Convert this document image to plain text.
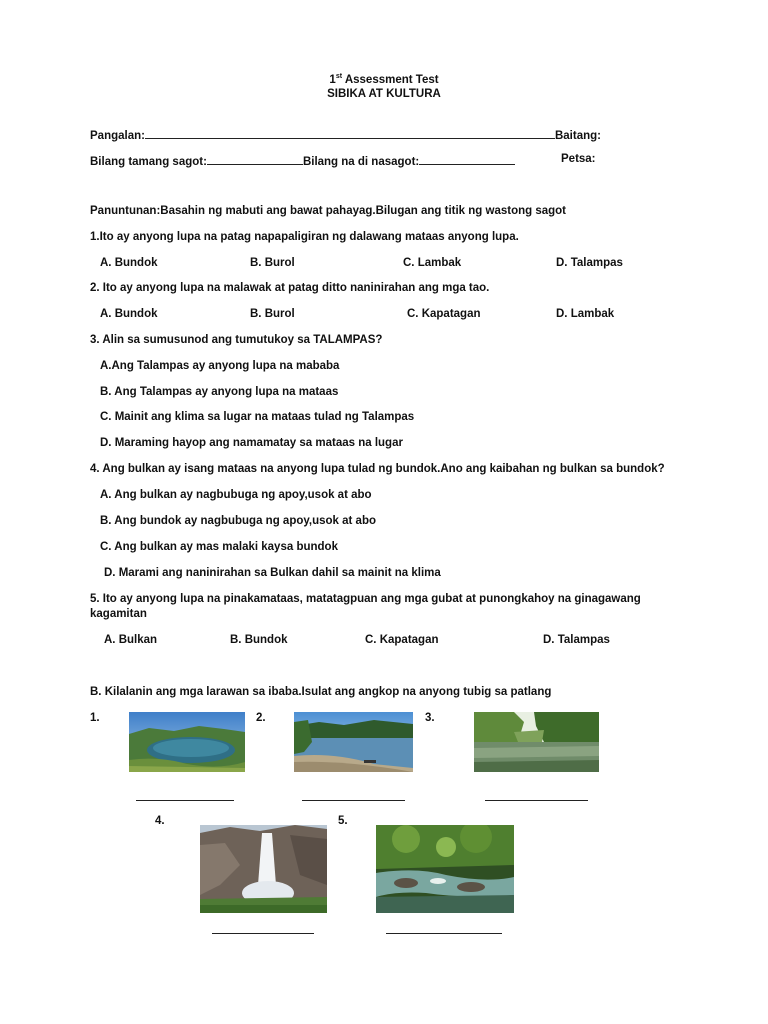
1st Assessment Test
SIBIKA AT KULTURA
Pangalan:	Baitang:
Bilang tamang sagot:	Bilang na di nasagot:	Petsa:
Panuntunan:Basahin ng mabuti ang bawat pahayag.Bilugan ang titik ng wastong sagot
1.Ito ay anyong lupa na patag napapaligiran ng dalawang mataas anyong lupa.
A. Bundok	B. Burol	C. Lambak	D. Talampas
2. Ito ay anyong lupa na malawak at patag ditto naninirahan ang mga tao.
A. Bundok	B. Burol	C. Kapatagan	D. Lambak
3. Alin sa sumusunod ang tumutukoy sa TALAMPAS?
A.Ang Talampas ay anyong lupa na mababa
B. Ang Talampas ay anyong lupa na mataas
C. Mainit ang klima sa lugar na mataas tulad ng Talampas
D. Maraming hayop ang namamatay sa mataas na lugar
4. Ang bulkan ay isang mataas na anyong lupa tulad ng bundok.Ano ang kaibahan ng bulkan sa bundok?
A. Ang bulkan ay nagbubuga ng apoy,usok at abo
B. Ang bundok ay nagbubuga ng apoy,usok at abo
C. Ang bulkan ay mas malaki kaysa bundok
D. Marami ang naninirahan sa Bulkan dahil sa mainit na klima
5. Ito ay anyong lupa na pinakamataas, matatagpuan ang mga gubat at punongkahoy na ginagawang
kagamitan
A. Bulkan	B. Bundok	C. Kapatagan	D. Talampas
B. Kilalanin ang mga larawan sa ibaba.Isulat ang angkop na anyong tubig sa patlang
1.	2.	3.
4.	5.
